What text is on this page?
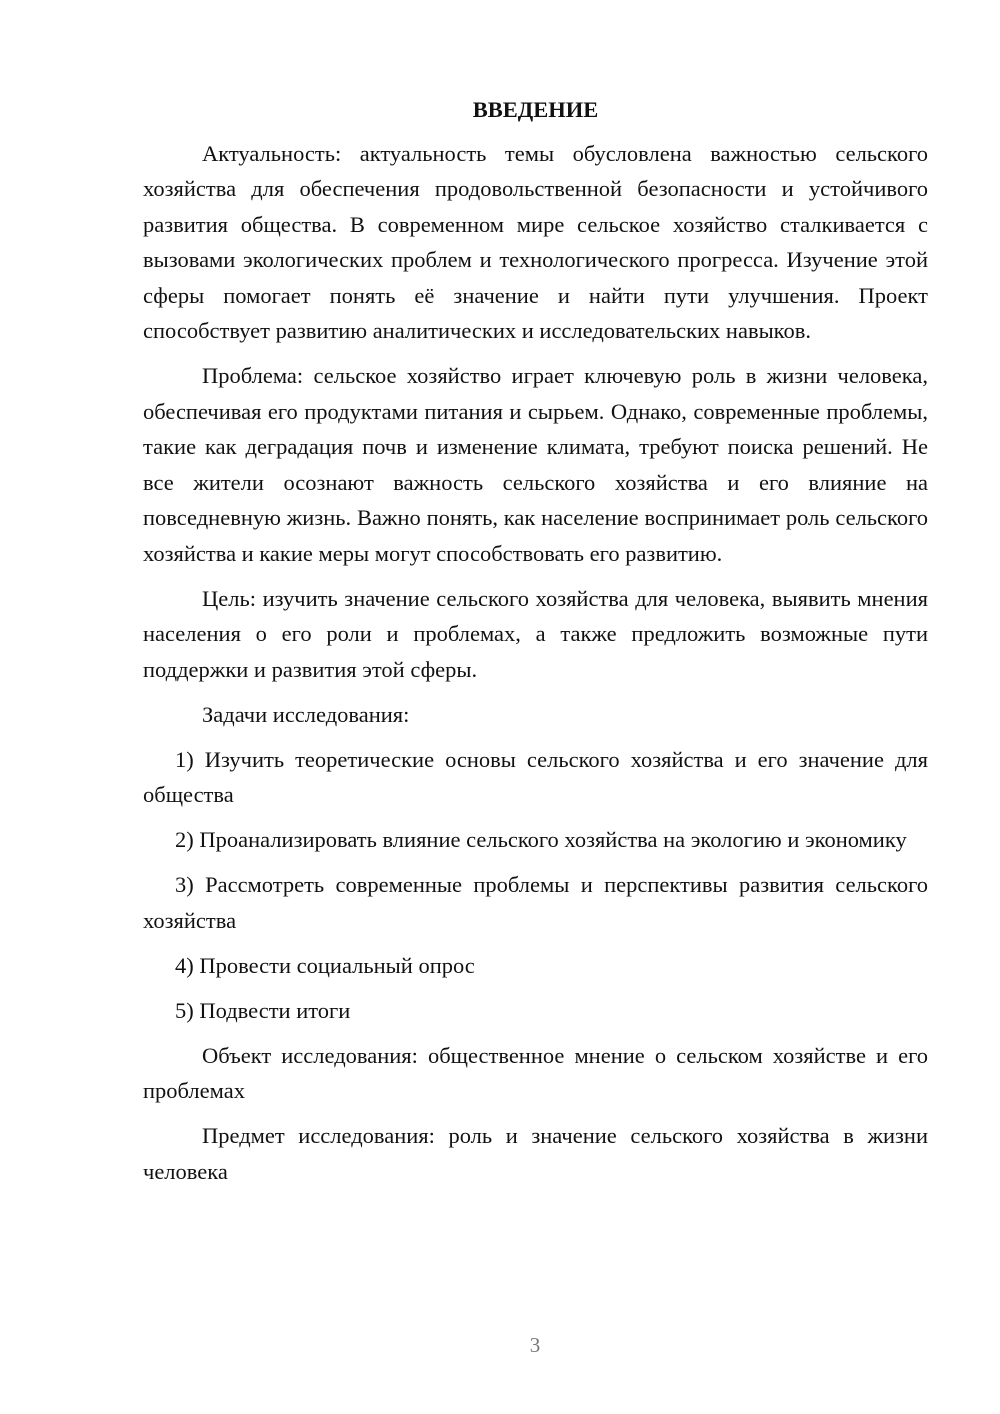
ВВЕДЕНИЕ

Актуальность: актуальность темы обусловлена важностью сельского хозяйства для обеспечения продовольственной безопасности и устойчивого развития общества. В современном мире сельское хозяйство сталкивается с вызовами экологических проблем и технологического прогресса. Изучение этой сферы помогает понять её значение и найти пути улучшения. Проект способствует развитию аналитических и исследовательских навыков.

Проблема: сельское хозяйство играет ключевую роль в жизни человека, обеспечивая его продуктами питания и сырьем. Однако, современные проблемы, такие как деградация почв и изменение климата, требуют поиска решений. Не все жители осознают важность сельского хозяйства и его влияние на повседневную жизнь. Важно понять, как население воспринимает роль сельского хозяйства и какие меры могут способствовать его развитию.

Цель: изучить значение сельского хозяйства для человека, выявить мнения населения о его роли и проблемах, а также предложить возможные пути поддержки и развития этой сферы.

Задачи исследования:

1) Изучить теоретические основы сельского хозяйства и его значение для общества

2) Проанализировать влияние сельского хозяйства на экологию и экономику

3) Рассмотреть современные проблемы и перспективы развития сельского хозяйства

4) Провести социальный опрос

5) Подвести итоги

Объект исследования: общественное мнение о сельском хозяйстве и его проблемах

Предмет исследования: роль и значение сельского хозяйства в жизни человека

3
